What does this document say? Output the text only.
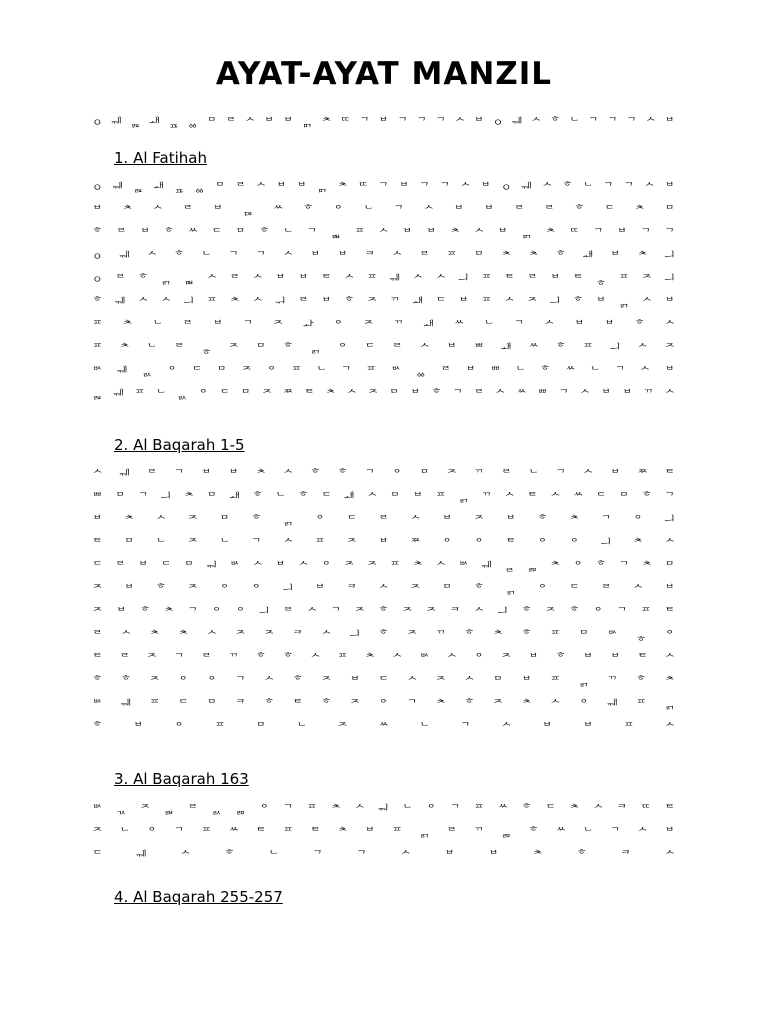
AYAT-AYAT MANZIL
ㅇ ᅰ ᆵ ᅫ ᇁ ᇮ ᄆ ᄅ ᄉ ᄇ ᄇ ᇚ ᄎ ᄄ ᄀ ᄇ ᄀ ᄀ ᄀ ᄉ ᄇ ㅇ ᅰ ᄉ ᄒ ᄂ ᄀ ᄀ ᄀ ᄉ ᄇ
1. Al Fatihah
ㅇ ᅰ ᆵ ᅫ ᇁ ᇮ ᄆ ᄅ ᄉ ᄇ ᄇ ᇚ ᄎ ᄄ ᄀ ᄇ ᄀ ᄀ ᄉ ᄇ ㅇ ᅰ ᄉ ᄒ ᄂ ᄀ ᄀ ᄉ ᄇ
ᄇ ᄎ ᄉ ᄅ ᄇ ᇋ ᄊ ᄒ ᄋ ᄂ ᄀ ᄉ ᄇ ᄇ ᄅ ᄅ ᄒ ᄃ ᄎ ᄆ
ᄒ ᄅ ᄇ ᄒ ᄊ ᄃ ᄆ ᄒ ᄂ ᄀ ᇜ ᄑ ᄉ ᄇ ᄇ ᄎ ᄉ ᄇ ᇚ ᄎ ᄄ ᄀ ᄇ ᄀ ᄀ
ㅇ ᅰ ᄉ ᄒ ᄂ ᄀ ᄀ ᄉ ᄇ ᄇ ᄏ ᄉ ᄅ ᄑ ᄆ ᄎ ᄎ ᄒ ᅫ ᄇ ᄎ ᅴ
ㅇ ᄅ ᄒ ᆰ ᇜ ᄉ ᄅ ᄉ ᄇ ᄇ ᄐ ᄉ ᄑ ᅰ ᄉ ᄉ ᅴ ᄑ ᄐ ᄅ ᄇ ᄐ ᇂ ᄑ ᄌ ᅴ
ᄒ ᅰ ᄉ ᄉ ᅴ ᄑ ᄎ ᄉ ᅱ ᄅ ᄇ ᄒ ᄌ ᄁ ᅫ ᄃ ᄇ ᄑ ᄉ ᄌ ᅴ ᄒ ᄇ ᆰ ᄉ ᄇ
ᄑ ᄎ ᄂ ᄅ ᄇ ᄀ ᄌ ᅪ ᄋ ᄌ ᄁ ᅫ ᄊ ᄂ ᄀ ᄉ ᄇ ᄇ ᄒ ᄉ
ᄑ ᄎ ᄂ ᄅ ᇂ ᄌ ᄆ ᄒ ᆰ ᄋ ᄃ ᄅ ᄉ ᄇ ᄈ ᅫ ᄊ ᄒ ᄑ ᅴ ᄉ ᄌ
ᄡ ᅰ ᆳ ᄋ ᄃ ᄆ ᄌ ᄋ ᄑ ᄂ ᄀ ᄑ ᄡ ᇮ ᄅ ᄇ ᄈ ᄂ ᄒ ᄊ ᄂ ᄀ ᄉ ᄇ
ᆵ ᅰ ᄑ ᄂ ᆳ ᄋ ᄃ ᄆ ᄌ ᄍ ᄐ ᄎ ᄉ ᄌ ᄆ ᄇ ᄒ ᄀ ᄅ ᄉ ᄊ ᄈ ᄀ ᄉ ᄇ ᄇ ᄁ ᄉ
2. Al Baqarah 1-5
ᄉ ᅰ ᄅ ᄀ ᄇ ᄇ ᄎ ᄉ ᄒ ᄒ ᄀ ᄋ ᄆ ᄌ ᄁ ᄅ ᄂ ᄀ ᄉ ᄇ ᄍ ᄐ
ᄈ ᄆ ᄀ ᅴ ᄎ ᄆ ᅫ ᄒ ᄂ ᄒ ᄃ ᅫ ᄉ ᄆ ᄇ ᄑ ᆰ ᄁ ᄉ ᄐ ᄉ ᄊ ᄃ ᄆ ᄒ ᄀ
ᄇ ᄎ ᄉ ᄌ ᄆ ᄒ ᆰ ᄋ ᄃ ᄅ ᄉ ᄇ ᄌ ᄇ ᄒ ᄎ ᄀ ᄋ ᅴ
ᄐ ᄆ ᄂ ᄌ ᄂ ᄀ ᄉ ᄑ ᄌ ᄇ ᄍ ᄋ ᄋ ᄐ ᄋ ᄋ ᅴ ᄎ ᄉ
ᄃ ᄅ ᄇ ᄃ ᄆ ᅯ ᄡ ᄉ ᄇ ᄉ ᄋ ᄌ ᄌ ᄑ ᄎ ᄉ ᄡ ᅰ ᆯ ᆱ ᄎ ᄋ ᄒ ᄀ ᄎ ᄆ
ᄌ ᄇ ᄒ ᄌ ᄋ ᄋ ᅴ ᄇ ᄏ ᄉ ᄌ ᄆ ᄒ ᆰ ᄋ ᄃ ᄅ ᄉ ᄇ
ᄌ ᄇ ᄒ ᄎ ᄀ ᄋ ᄋ ᅴ ᄅ ᄉ ᄀ ᄌ ᄒ ᄌ ᄌ ᄏ ᄉ ᅴ ᄒ ᄌ ᄒ ᄋ ᄀ ᄑ ᄐ
ᄅ ᄉ ᄎ ᄎ ᄉ ᄌ ᄌ ᄏ ᄉ ᅴ ᄒ ᄌ ᄁ ᄒ ᄎ ᄒ ᄑ ᄆ ᄡ ᇂ ᄋ
ᄐ ᄅ ᄌ ᄀ ᄅ ᄁ ᄒ ᄒ ᄉ ᄑ ᄎ ᄉ ᄡ ᄉ ᄋ ᄌ ᄇ ᄒ ᄇ ᄇ ᄐ ᄉ
ᄒ ᄒ ᄌ ᄋ ᄋ ᄀ ᄉ ᄒ ᄌ ᄇ ᄃ ᄉ ᄌ ᄉ ᄆ ᄇ ᄑ ᆰ ᄁ ᄒ ᄎ
ᄡ ᅰ ᄑ ᄃ ᄆ ᄏ ᄒ ᄐ ᄒ ᄌ ᄋ ᄀ ᄎ ᄒ ᄌ ᄎ ᄉ ᄋ ᅰ ᄑ ᆰ
ᄒ ᄇ ᄋ ᄑ ᄆ ᄂ ᄌ ᄊ ᄂ ᄀ ᄉ ᄇ ᄇ ᄑ ᄉ
3. Al Baqarah 163
ᄡ ᆪ ᄌ ᆲ ᄅ ᆳ ᆱ ᄋ ᄀ ᄑ ᄎ ᄉ ᅯ ᄂ ᄋ ᄀ ᄑ ᄊ ᄒ ᄃ ᄎ ᄉ ᄏ ᄄ ᄐ
ᄌ ᄂ ᄋ ᄀ ᄑ ᄊ ᄐ ᄑ ᄐ ᄎ ᄇ ᄑ ᆰ ᄅ ᄁ ᆱ ᄒ ᄊ ᄂ ᄀ ᄉ ᄇ
ᄃ ᅰ ᄉ ᄒ ᄂ ᄀ ᄀ ᄉ ᄇ ᄇ ᄎ ᄒ ᄏ ᄉ
4. Al Baqarah 255-257
